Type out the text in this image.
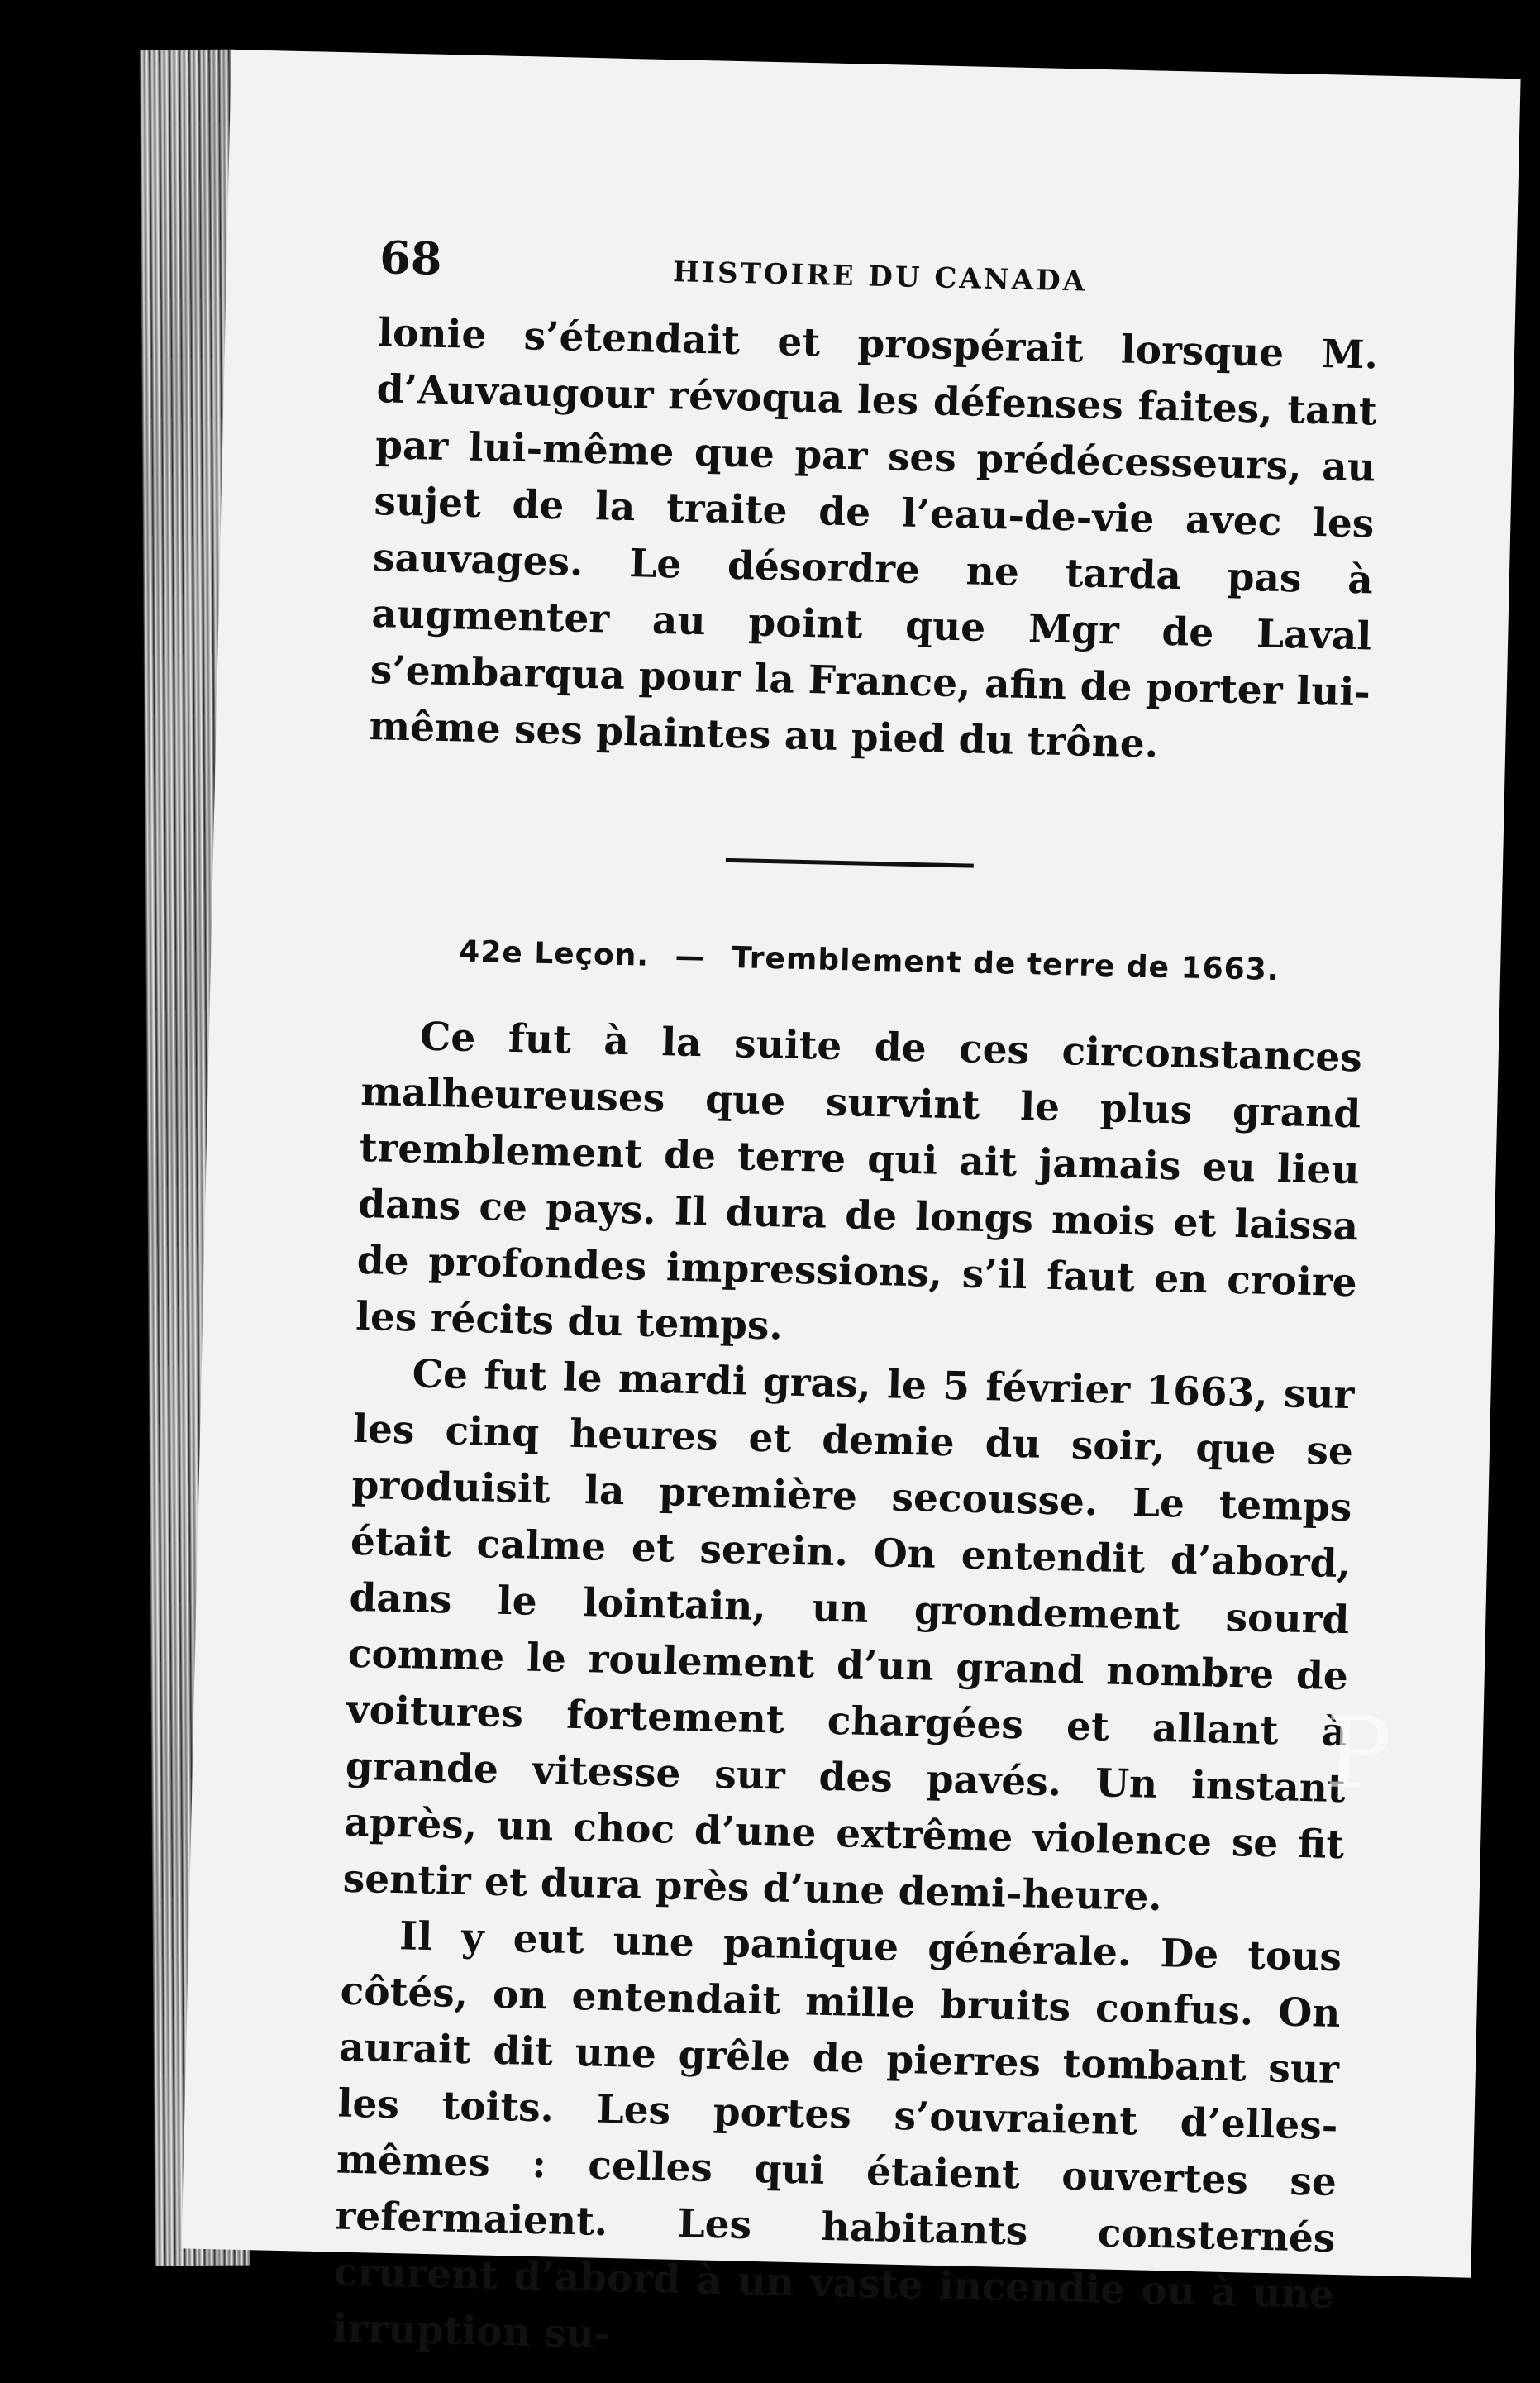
68	HISTOIRE DU CANADA

lonie s’étendait et prospérait lorsque M. d’Auvaugour révoqua les défenses faites, tant par lui-même que par ses prédécesseurs, au sujet de la traite de l’eau-de-vie avec les sauvages. Le désordre ne tarda pas à augmenter au point que Mgr de Laval s’embarqua pour la France, afin de porter lui-même ses plaintes au pied du trône.

42e Leçon. — Tremblement de terre de 1663.

Ce fut à la suite de ces circonstances malheureuses que survint le plus grand tremblement de terre qui ait jamais eu lieu dans ce pays. Il dura de longs mois et laissa de profondes impressions, s’il faut en croire les récits du temps.

Ce fut le mardi gras, le 5 février 1663, sur les cinq heures et demie du soir, que se produisit la première secousse. Le temps était calme et serein. On entendit d’abord, dans le lointain, un grondement sourd comme le roulement d’un grand nombre de voitures fortement chargées et allant à grande vitesse sur des pavés. Un instant après, un choc d’une extrême violence se fit sentir et dura près d’une demi-heure.

Il y eut une panique générale. De tous côtés, on entendait mille bruits confus. On aurait dit une grêle de pierres tombant sur les toits. Les portes s’ouvraient d’elles-mêmes : celles qui étaient ouvertes se refermaient. Les habitants consternés crurent d’abord à un vaste incendie ou à une irruption su-

P
